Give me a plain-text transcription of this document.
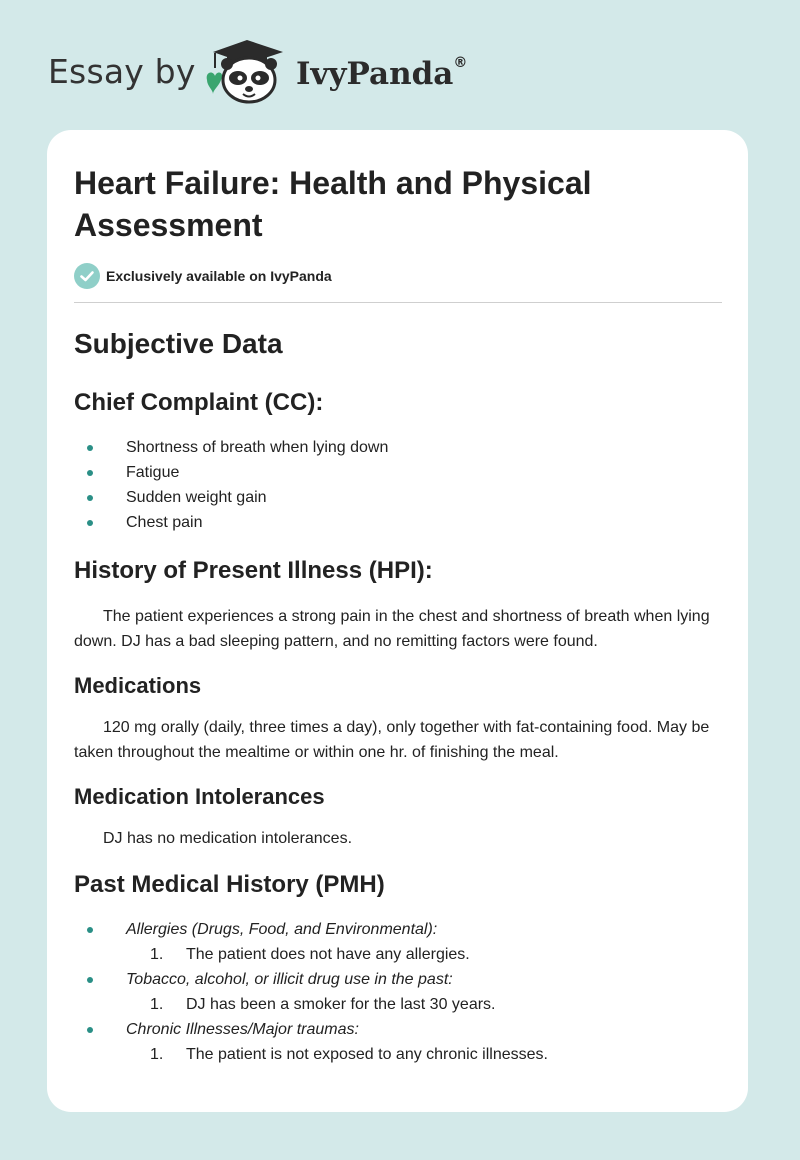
Essay by	IvyPanda®
Heart Failure: Health and Physical Assessment
Exclusively available on IvyPanda
Subjective Data
Chief Complaint (CC):
Shortness of breath when lying down
Fatigue
Sudden weight gain
Chest pain
History of Present Illness (HPI):

The patient experiences a strong pain in the chest and shortness of breath when lying down. DJ has a bad sleeping pattern, and no remitting factors were found.

Medications

120 mg orally (daily, three times a day), only together with fat-containing food. May be taken throughout the mealtime or within one hr. of finishing the meal.

Medication Intolerances

DJ has no medication intolerances.

Past Medical History (PMH)
Allergies (Drugs, Food, and Environmental):
1. The patient does not have any allergies.
Tobacco, alcohol, or illicit drug use in the past:
1. DJ has been a smoker for the last 30 years.
Chronic Illnesses/Major traumas:
1. The patient is not exposed to any chronic illnesses.
